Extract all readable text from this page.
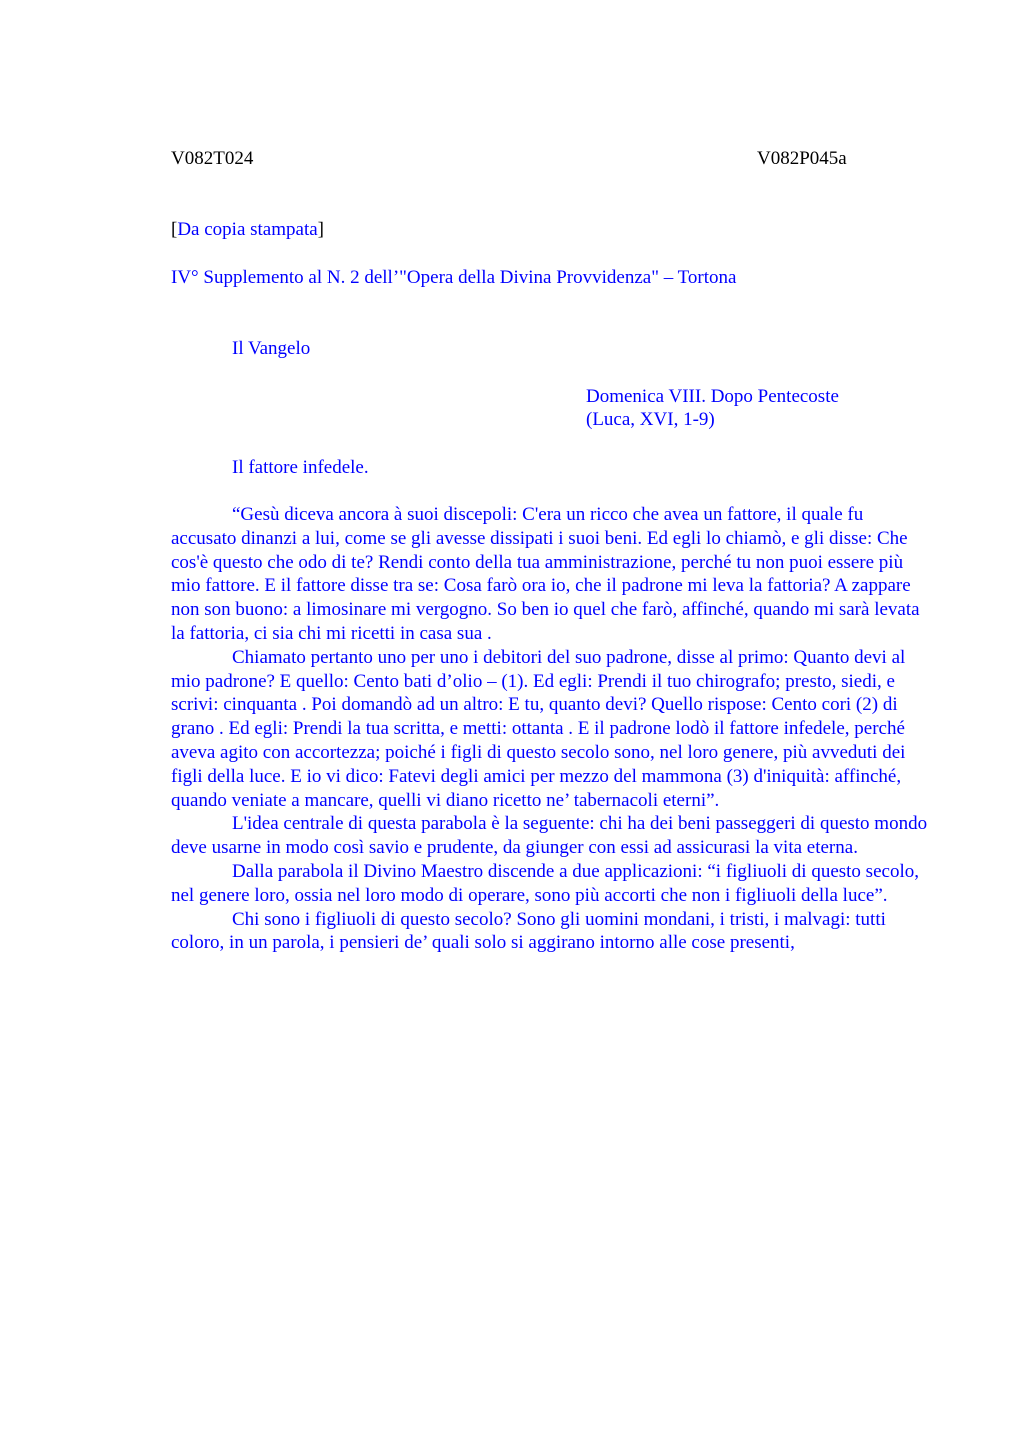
V082T024	V082P045a
[Da copia stampata]
IV° Supplemento al N. 2 dell’"Opera della Divina Provvidenza" – Tortona
Il Vangelo
Domenica VIII. Dopo Pentecoste
(Luca, XVI, 1-9)
Il fattore infedele.

“Gesù diceva ancora à suoi discepoli: C'era un ricco che avea un fattore, il quale fu accusato dinanzi a lui, come se gli avesse dissipati i suoi beni. Ed egli lo chiamò, e gli disse: Che cos'è questo che odo di te? Rendi conto della tua amministrazione, perché tu non puoi essere più mio fattore. E il fattore disse tra se: Cosa farò ora io, che il padrone mi leva la fattoria? A zappare non son buono: a limosinare mi vergogno. So ben io quel che farò, affinché, quando mi sarà levata la fattoria, ci sia chi mi ricetti in casa sua .

Chiamato pertanto uno per uno i debitori del suo padrone, disse al primo: Quanto devi al mio padrone? E quello: Cento bati d’olio – (1). Ed egli: Prendi il tuo chirografo; presto, siedi, e scrivi: cinquanta . Poi domandò ad un altro: E tu, quanto devi? Quello rispose: Cento cori (2) di grano . Ed egli: Prendi la tua scritta, e metti: ottanta . E il padrone lodò il fattore infedele, perché aveva agito con accortezza; poiché i figli di questo secolo sono, nel loro genere, più avveduti dei figli della luce. E io vi dico: Fatevi degli amici per mezzo del mammona (3) d'iniquità: affinché, quando veniate a mancare, quelli vi diano ricetto ne’ tabernacoli eterni”.

L'idea centrale di questa parabola è la seguente: chi ha dei beni passeggeri di questo mondo deve usarne in modo così savio e prudente, da giunger con essi ad assicurasi la vita eterna.

Dalla parabola il Divino Maestro discende a due applicazioni: “i figliuoli di questo secolo, nel genere loro, ossia nel loro modo di operare, sono più accorti che non i figliuoli della luce”.

Chi sono i figliuoli di questo secolo? Sono gli uomini mondani, i tristi, i malvagi: tutti coloro, in un parola, i pensieri de’ quali solo si aggirano intorno alle cose presenti,
